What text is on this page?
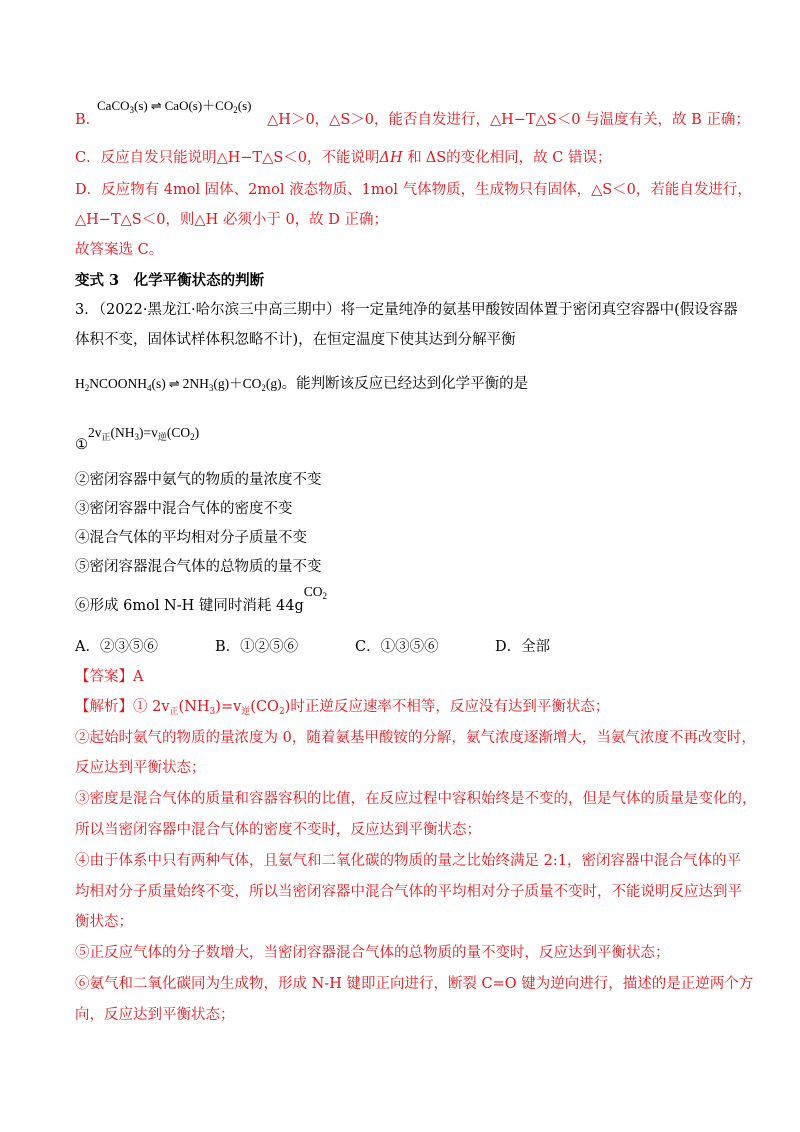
CaCO$_3$(s) ⇌ $CaO(s)+CO_2(s)$
B．	△H＞0，△S＞0，能否自发进行，△H−T△S＜0 与温度有关，故 B 正确；
C．反应自发只能说明△H−T△S＜0，不能说明ΔH 和 ΔS的变化相同，故 C 错误；
D．反应物有 4mol 固体、2mol 液态物质、1mol 气体物质，生成物只有固体，△S＜0，若能自发进行，
△H−T△S＜0，则△H 必须小于 0，故 D 正确；
故答案选 C。
变式 3　化学平衡状态的判断
3．（2022·黑龙江·哈尔滨三中高三期中）将一定量纯净的氨基甲酸铵固体置于密闭真空容器中(假设容器
体积不变，固体试样体积忽略不计)，在恒定温度下使其达到分解平衡
$H_2NCOONH_4(s)$ ⇌ $2NH_3(g)+CO_2(g)$。能判断该反应已经达到化学平衡的是
$①2v_正(NH_3)=v_逆(CO_2)$
②密闭容器中氨气的物质的量浓度不变
③密闭容器中混合气体的密度不变
④混合气体的平均相对分子质量不变
⑤密闭容器混合气体的总物质的量不变
⑥形成 6mol N-H 键同时消耗 44gCO$_2$
A．②③⑤⑥	B．①②⑤⑥	C．①③⑤⑥	D．全部
【答案】A
【解析】① $2v_正(NH_3)=v_逆(CO_2)$时正逆反应速率不相等，反应没有达到平衡状态；
②起始时氨气的物质的量浓度为 0，随着氨基甲酸铵的分解，氨气浓度逐渐增大，当氨气浓度不再改变时，
反应达到平衡状态；
③密度是混合气体的质量和容器容积的比值，在反应过程中容积始终是不变的，但是气体的质量是变化的，
所以当密闭容器中混合气体的密度不变时，反应达到平衡状态；
④由于体系中只有两种气体，且氨气和二氧化碳的物质的量之比始终满足 2:1，密闭容器中混合气体的平
均相对分子质量始终不变，所以当密闭容器中混合气体的平均相对分子质量不变时，不能说明反应达到平
衡状态；
⑤正反应气体的分子数增大，当密闭容器混合气体的总物质的量不变时，反应达到平衡状态；
⑥氨气和二氧化碳同为生成物，形成 N-H 键即正向进行，断裂 C=O 键为逆向进行，描述的是正逆两个方
向，反应达到平衡状态；
